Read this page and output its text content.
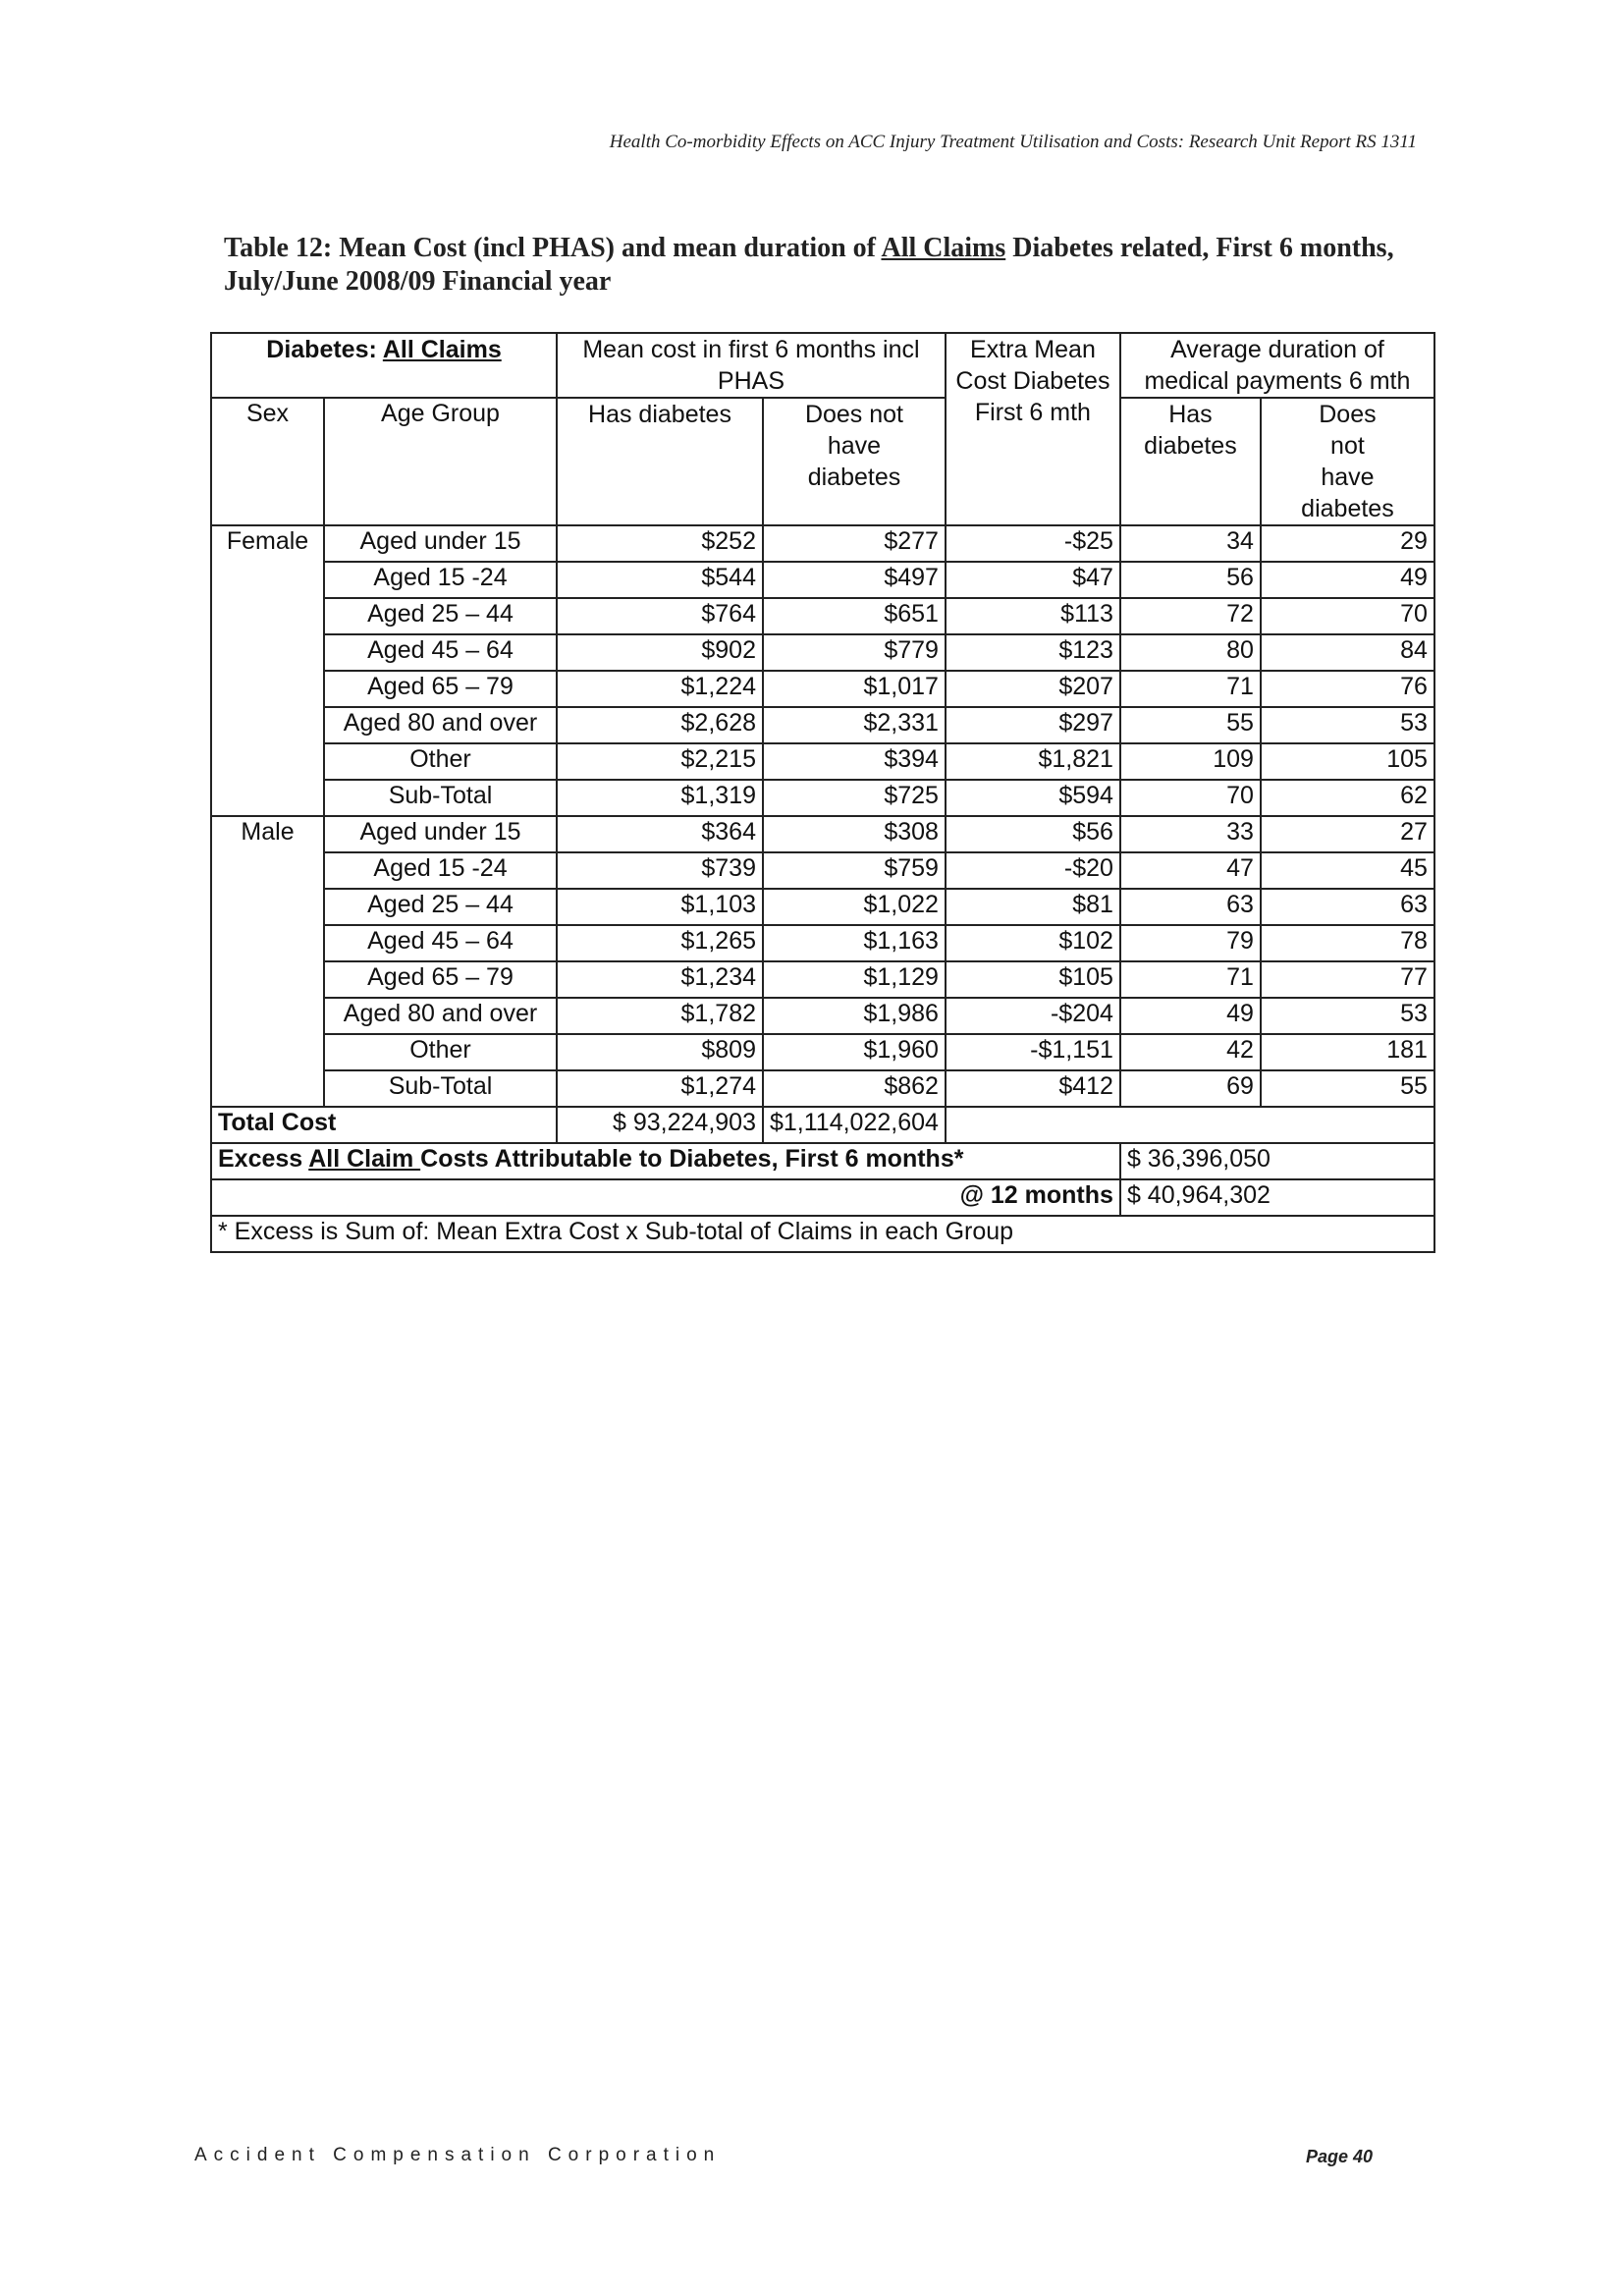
Health Co-morbidity Effects on ACC Injury Treatment Utilisation and Costs: Research Unit Report RS 1311
Table 12: Mean Cost (incl PHAS) and mean duration of All Claims Diabetes related, First 6 months, July/June 2008/09 Financial year
Diabetes: All Claims		Mean cost in first 6 months incl PHAS		Extra Mean Cost Diabetes First 6 mth	Average duration of medical payments 6 mth	
Sex	Age Group	Has diabetes	Does not have diabetes		Has diabetes	Does not have diabetes
Female	Aged under 15	$252	$277	-$25	34	29
	Aged 15 -24	$544	$497	$47	56	49
	Aged 25 – 44	$764	$651	$113	72	70
	Aged 45 – 64	$902	$779	$123	80	84
	Aged 65 – 79	$1,224	$1,017	$207	71	76
	Aged 80 and over	$2,628	$2,331	$297	55	53
	Other	$2,215	$394	$1,821	109	105
	Sub-Total	$1,319	$725	$594	70	62
Male	Aged under 15	$364	$308	$56	33	27
	Aged 15 -24	$739	$759	-$20	47	45
	Aged 25 – 44	$1,103	$1,022	$81	63	63
	Aged 45 – 64	$1,265	$1,163	$102	79	78
	Aged 65 – 79	$1,234	$1,129	$105	71	77
	Aged 80 and over	$1,782	$1,986	-$204	49	53
	Other	$809	$1,960	-$1,151	42	181
	Sub-Total	$1,274	$862	$412	69	55
Total Cost		$ 93,224,903	$1,114,022,604			
Excess All Claim Costs Attributable to Diabetes, First 6 months*					$ 36,396,050	
@ 12 months					$ 40,964,302	
* Excess is Sum of: Mean Extra Cost x Sub-total of Claims in each Group						
Accident Compensation Corporation	Page 40
